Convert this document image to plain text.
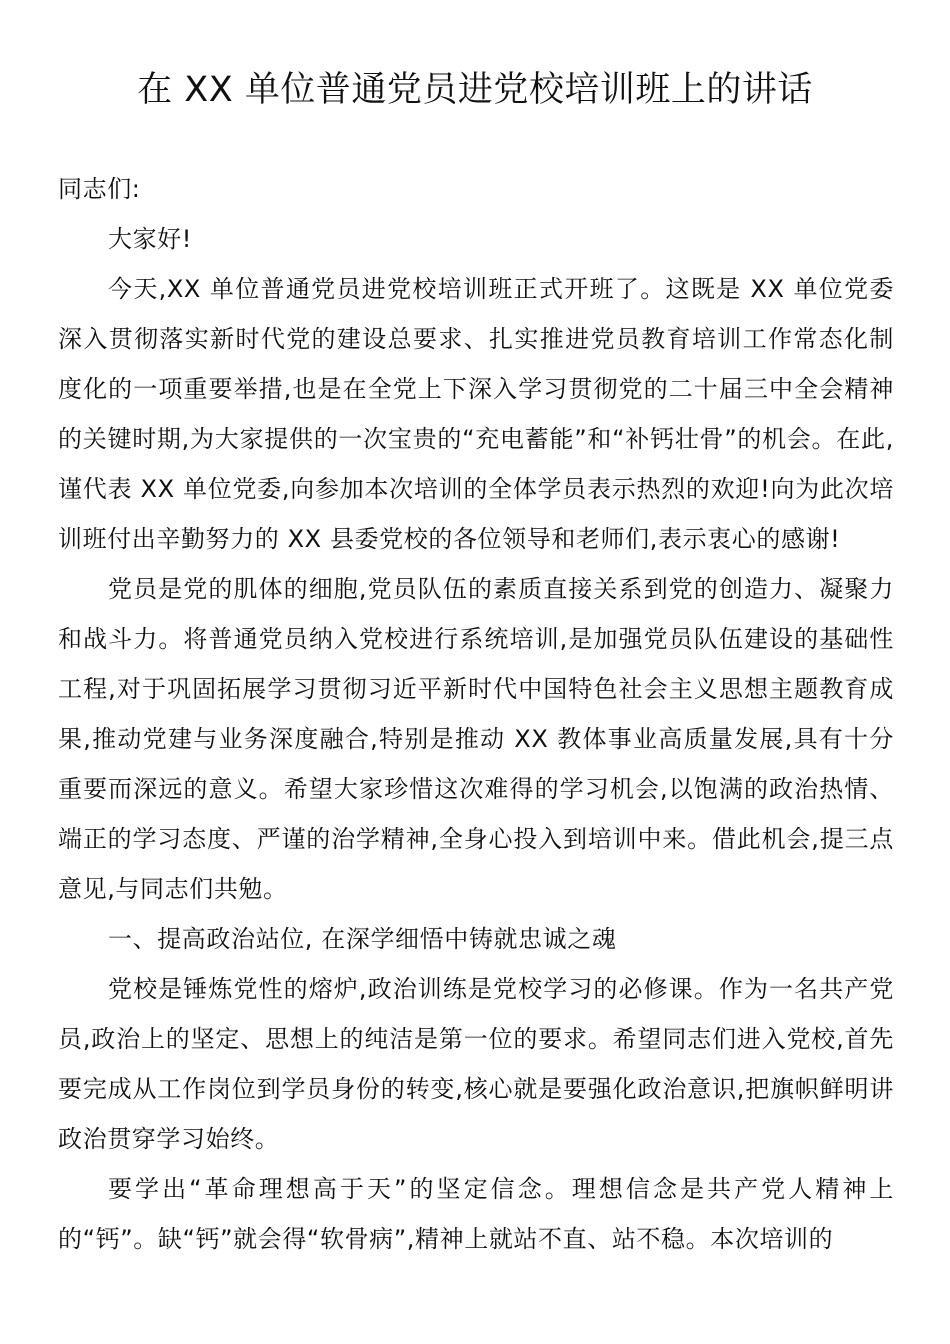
在 XX 单位普通党员进党校培训班上的讲话

同志们:

大家好!

今天,XX 单位普通党员进党校培训班正式开班了。这既是 XX 单位党委深入贯彻落实新时代党的建设总要求、扎实推进党员教育培训工作常态化制度化的一项重要举措,也是在全党上下深入学习贯彻党的二十届三中全会精神的关键时期,为大家提供的一次宝贵的“充电蓄能”和“补钙壮骨”的机会。在此,谨代表 XX 单位党委,向参加本次培训的全体学员表示热烈的欢迎!向为此次培训班付出辛勤努力的 XX 县委党校的各位领导和老师们,表示衷心的感谢!

党员是党的肌体的细胞,党员队伍的素质直接关系到党的创造力、凝聚力和战斗力。将普通党员纳入党校进行系统培训,是加强党员队伍建设的基础性工程,对于巩固拓展学习贯彻习近平新时代中国特色社会主义思想主题教育成果,推动党建与业务深度融合,特别是推动 XX 教体事业高质量发展,具有十分重要而深远的意义。希望大家珍惜这次难得的学习机会,以饱满的政治热情、端正的学习态度、严谨的治学精神,全身心投入到培训中来。借此机会,提三点意见,与同志们共勉。

一、提高政治站位, 在深学细悟中铸就忠诚之魂

党校是锤炼党性的熔炉,政治训练是党校学习的必修课。作为一名共产党员,政治上的坚定、思想上的纯洁是第一位的要求。希望同志们进入党校,首先要完成从工作岗位到学员身份的转变,核心就是要强化政治意识,把旗帜鲜明讲政治贯穿学习始终。

要学出“革命理想高于天”的坚定信念。理想信念是共产党人精神上的“钙”。缺“钙”就会得“软骨病”,精神上就站不直、站不稳。本次培训的
